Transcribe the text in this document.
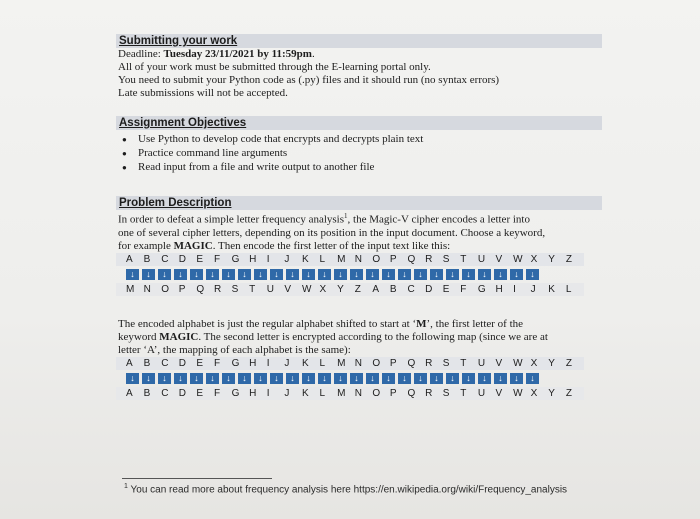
Submitting your work
Deadline: Tuesday 23/11/2021 by 11:59pm.
All of your work must be submitted through the E-learning portal only.
You need to submit your Python code as (.py) files and it should run (no syntax errors)
Late submissions will not be accepted.
Assignment Objectives
● Use Python to develop code that encrypts and decrypts plain text
● Practice command line arguments
● Read input from a file and write output to another file
Problem Description
In order to defeat a simple letter frequency analysis$^1$, the Magic-V cipher encodes a letter into
one of several cipher letters, depending on its position in the input document. Choose a keyword,
for example MAGIC. Then encode the first letter of the input text like this:
A	B	C	D	E	F	G H	I	J	K	L	M N	O P	Q R	S	T	U	V	W X	Y	Z
↓	↓	↓	↓	↓	↓	↓	↓	↓	↓	↓	↓	↓	↓	↓	↓	↓	↓	↓	↓	↓	↓	↓	↓	↓	↓
M N	O P	Q R	S	T	U	V	W X	Y	Z	A	B	C	D	E	F	G H	I	J	K	L
The encoded alphabet is just the regular alphabet shifted to start at ‘M’, the first letter of the
keyword MAGIC. The second letter is encrypted according to the following map (since we are at
letter ‘A’, the mapping of each alphabet is the same):
A	B	C	D	E	F	G H	I	J	K	L	M N	O P	Q R	S	T	U	V	W X	Y	Z
↓	↓	↓	↓	↓	↓	↓	↓	↓	↓	↓	↓	↓	↓	↓	↓	↓	↓	↓	↓	↓	↓	↓	↓	↓	↓
A	B	C	D	E	F	G H	I	J	K	L	M N	O P	Q R	S	T	U	V	W X	Y	Z
$^1$ You can read more about frequency analysis here https://en.wikipedia.org/wiki/Frequency_analysis
